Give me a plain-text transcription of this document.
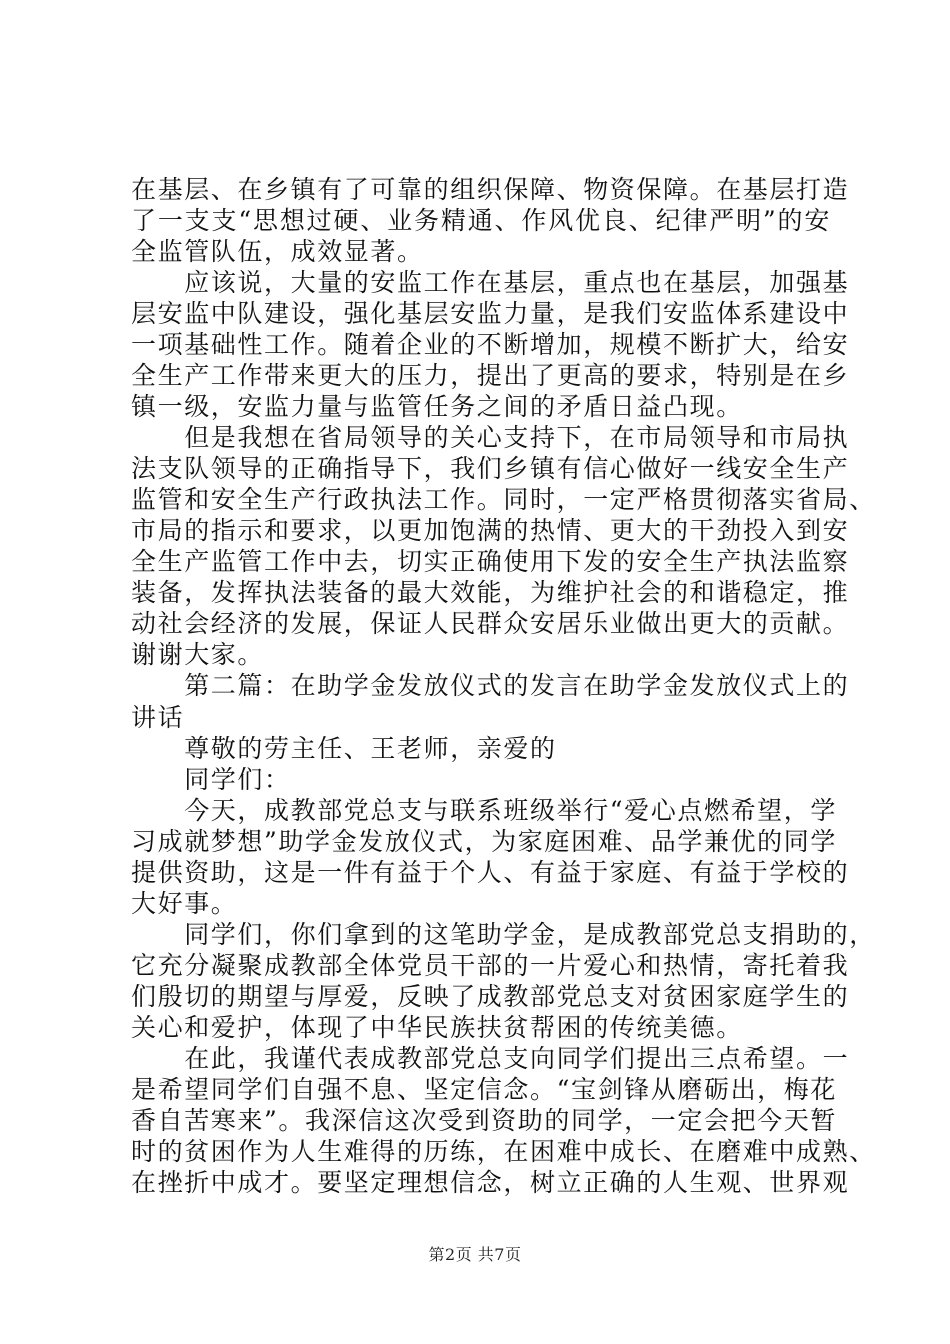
在基层、在乡镇有了可靠的组织保障、物资保障。在基层打造
了一支支“思想过硬、业务精通、作风优良、纪律严明”的安
全监管队伍，成效显著。
　　应该说，大量的安监工作在基层，重点也在基层，加强基
层安监中队建设，强化基层安监力量，是我们安监体系建设中
一项基础性工作。随着企业的不断增加，规模不断扩大，给安
全生产工作带来更大的压力，提出了更高的要求，特别是在乡
镇一级，安监力量与监管任务之间的矛盾日益凸现。
　　但是我想在省局领导的关心支持下，在市局领导和市局执
法支队领导的正确指导下，我们乡镇有信心做好一线安全生产
监管和安全生产行政执法工作。同时，一定严格贯彻落实省局、
市局的指示和要求，以更加饱满的热情、更大的干劲投入到安
全生产监管工作中去，切实正确使用下发的安全生产执法监察
装备，发挥执法装备的最大效能，为维护社会的和谐稳定，推
动社会经济的发展，保证人民群众安居乐业做出更大的贡献。
谢谢大家。
　　第二篇：在助学金发放仪式的发言在助学金发放仪式上的
讲话
　　尊敬的劳主任、王老师，亲爱的
　　同学们：
　　今天，成教部党总支与联系班级举行“爱心点燃希望，学
习成就梦想”助学金发放仪式，为家庭困难、品学兼优的同学
提供资助，这是一件有益于个人、有益于家庭、有益于学校的
大好事。
　　同学们，你们拿到的这笔助学金，是成教部党总支捐助的，
它充分凝聚成教部全体党员干部的一片爱心和热情，寄托着我
们殷切的期望与厚爱，反映了成教部党总支对贫困家庭学生的
关心和爱护，体现了中华民族扶贫帮困的传统美德。
　　在此，我谨代表成教部党总支向同学们提出三点希望。一
是希望同学们自强不息、坚定信念。“宝剑锋从磨砺出，梅花
香自苦寒来”。我深信这次受到资助的同学，一定会把今天暂
时的贫困作为人生难得的历练，在困难中成长、在磨难中成熟、
在挫折中成才。要坚定理想信念，树立正确的人生观、世界观
第2页 共7页
